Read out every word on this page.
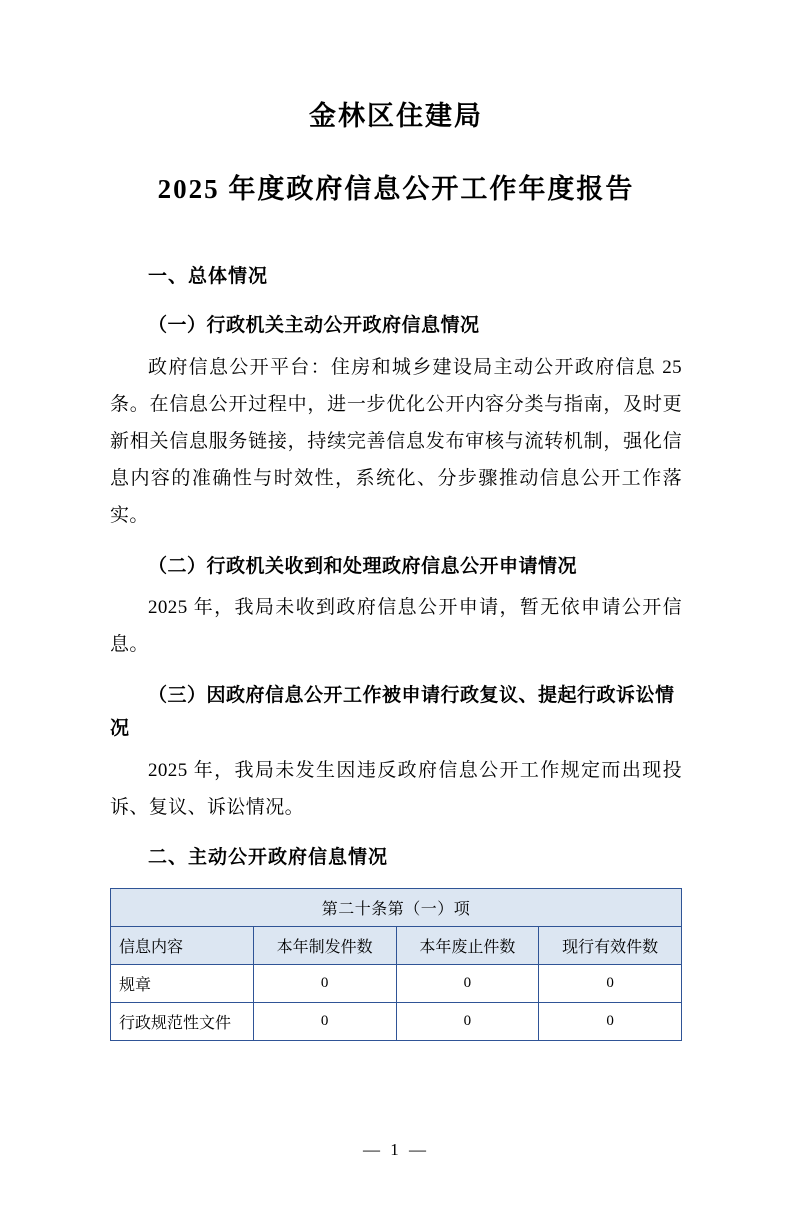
金林区住建局
2025 年度政府信息公开工作年度报告
一、总体情况
（一）行政机关主动公开政府信息情况
政府信息公开平台：住房和城乡建设局主动公开政府信息 25 条。在信息公开过程中，进一步优化公开内容分类与指南，及时更新相关信息服务链接，持续完善信息发布审核与流转机制，强化信息内容的准确性与时效性，系统化、分步骤推动信息公开工作落实。
（二）行政机关收到和处理政府信息公开申请情况
2025 年，我局未收到政府信息公开申请，暂无依申请公开信息。
（三）因政府信息公开工作被申请行政复议、提起行政诉讼情况
2025 年，我局未发生因违反政府信息公开工作规定而出现投诉、复议、诉讼情况。
二、主动公开政府信息情况
第二十条第（一）项			
信息内容	本年制发件数	本年废止件数	现行有效件数
规章	0	0	0
行政规范性文件	0	0	0
— 1 —
